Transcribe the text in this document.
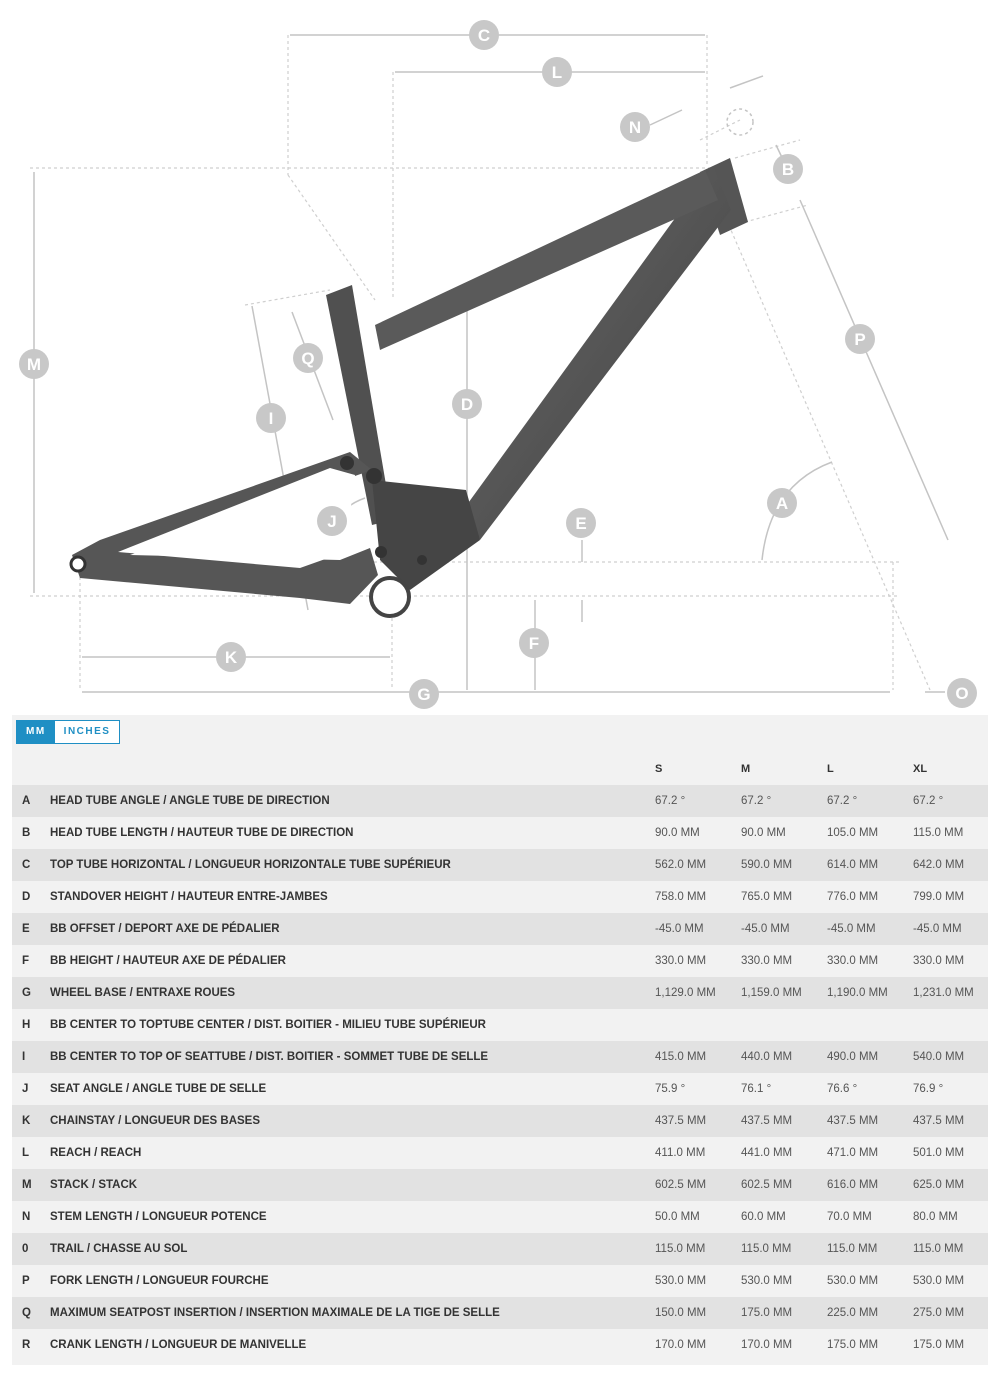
C
L
N
B
M	Q
I
D
P
J	E
A
K
F
G	O
MM	INCHES
		S	M	L	XL
A	HEAD TUBE ANGLE / ANGLE TUBE DE DIRECTION	67.2 °	67.2 °	67.2 °	67.2 °
B	HEAD TUBE LENGTH / HAUTEUR TUBE DE DIRECTION	90.0 MM	90.0 MM	105.0 MM	115.0 MM
C	TOP TUBE HORIZONTAL / LONGUEUR HORIZONTALE TUBE SUPÉRIEUR	562.0 MM	590.0 MM	614.0 MM	642.0 MM
D	STANDOVER HEIGHT / HAUTEUR ENTRE-JAMBES	758.0 MM	765.0 MM	776.0 MM	799.0 MM
E	BB OFFSET / DEPORT AXE DE PÉDALIER	-45.0 MM	-45.0 MM	-45.0 MM	-45.0 MM
F	BB HEIGHT / HAUTEUR AXE DE PÉDALIER	330.0 MM	330.0 MM	330.0 MM	330.0 MM
G	WHEEL BASE / ENTRAXE ROUES	1,129.0 MM	1,159.0 MM	1,190.0 MM	1,231.0 MM
H	BB CENTER TO TOPTUBE CENTER / DIST. BOITIER - MILIEU TUBE SUPÉRIEUR				
I	BB CENTER TO TOP OF SEATTUBE / DIST. BOITIER - SOMMET TUBE DE SELLE	415.0 MM	440.0 MM	490.0 MM	540.0 MM
J	SEAT ANGLE / ANGLE TUBE DE SELLE	75.9 °	76.1 °	76.6 °	76.9 °
K	CHAINSTAY / LONGUEUR DES BASES	437.5 MM	437.5 MM	437.5 MM	437.5 MM
L	REACH / REACH	411.0 MM	441.0 MM	471.0 MM	501.0 MM
M	STACK / STACK	602.5 MM	602.5 MM	616.0 MM	625.0 MM
N	STEM LENGTH / LONGUEUR POTENCE	50.0 MM	60.0 MM	70.0 MM	80.0 MM
0	TRAIL / CHASSE AU SOL	115.0 MM	115.0 MM	115.0 MM	115.0 MM
P	FORK LENGTH / LONGUEUR FOURCHE	530.0 MM	530.0 MM	530.0 MM	530.0 MM
Q	MAXIMUM SEATPOST INSERTION / INSERTION MAXIMALE DE LA TIGE DE SELLE	150.0 MM	175.0 MM	225.0 MM	275.0 MM
R	CRANK LENGTH / LONGUEUR DE MANIVELLE	170.0 MM	170.0 MM	175.0 MM	175.0 MM
